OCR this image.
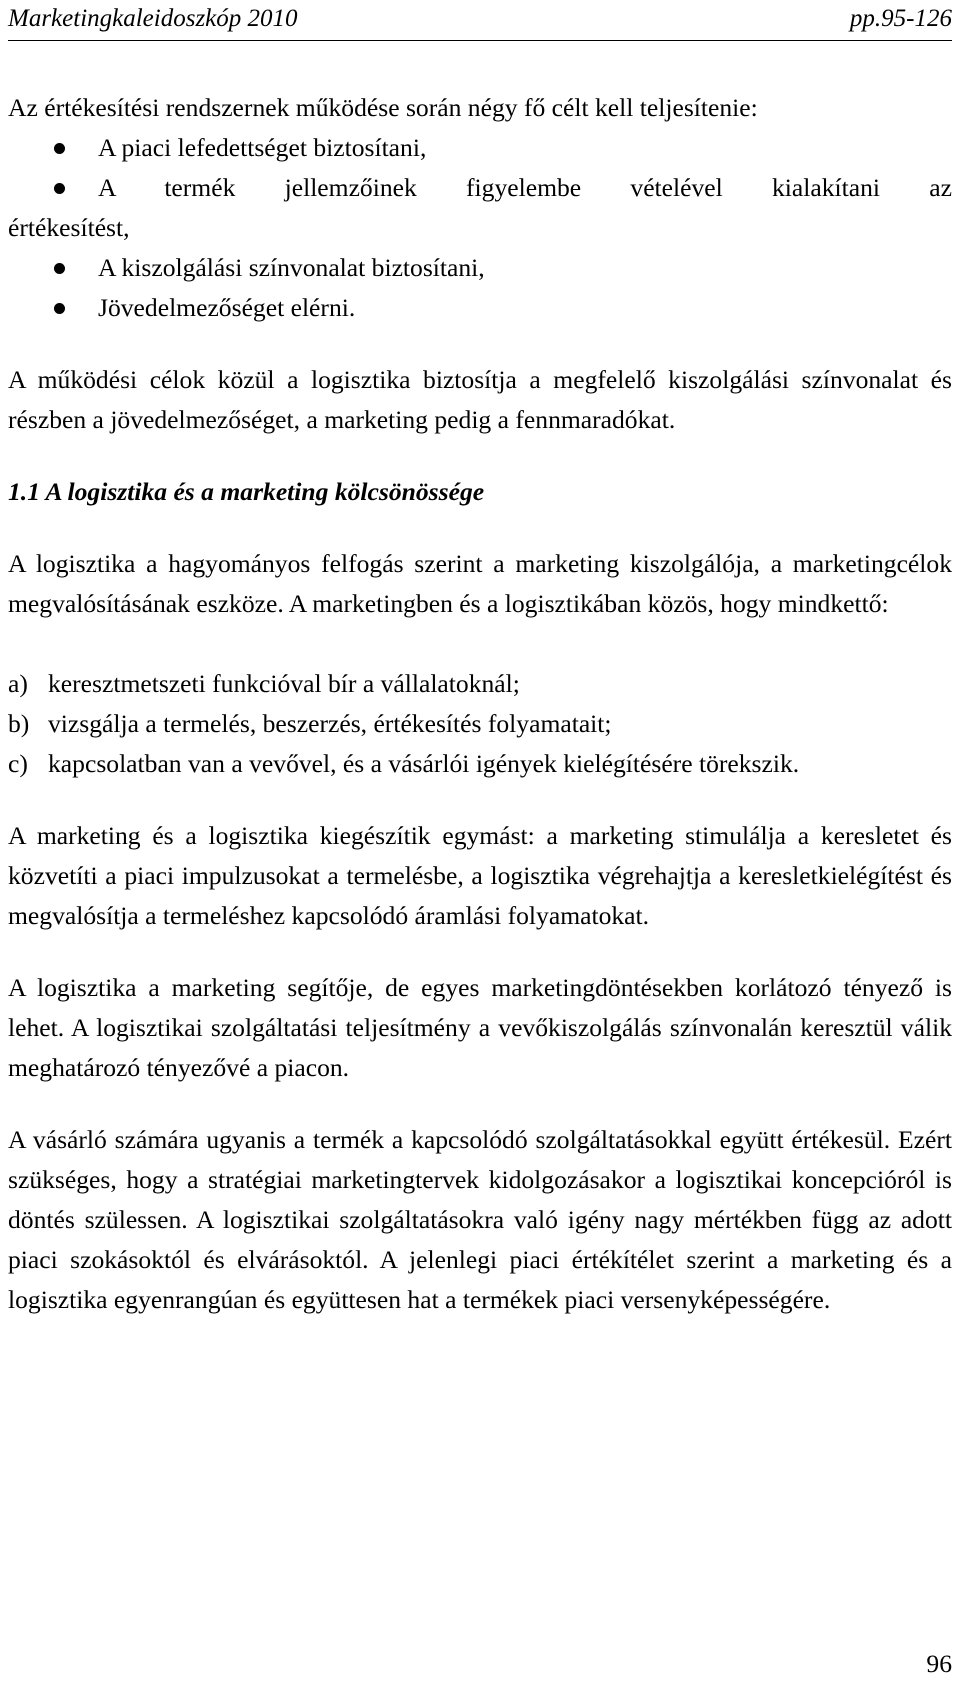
Marketingkaleidoszkóp 2010	pp.95-126

Az értékesítési rendszernek működése során négy fő célt kell teljesítenie:

A piaci lefedettséget biztosítani,
A termék jellemzőinek figyelembe vételével kialakítani az
értékesítést,
A kiszolgálási színvonalat biztosítani,
Jövedelmezőséget elérni.

A működési célok közül a logisztika biztosítja a megfelelő kiszolgálási színvonalat és részben a jövedelmezőséget, a marketing pedig a fennmaradókat.

1.1 A logisztika és a marketing kölcsönössége

A logisztika a hagyományos felfogás szerint a marketing kiszolgálója, a marketingcélok megvalósításának eszköze. A marketingben és a logisztikában közös, hogy mindkettő:

a) keresztmetszeti funkcióval bír a vállalatoknál;
b) vizsgálja a termelés, beszerzés, értékesítés folyamatait;
c) kapcsolatban van a vevővel, és a vásárlói igények kielégítésére törekszik.

A marketing és a logisztika kiegészítik egymást: a marketing stimulálja a keresletet és közvetíti a piaci impulzusokat a termelésbe, a logisztika végrehajtja a keresletkielégítést és megvalósítja a termeléshez kapcsolódó áramlási folyamatokat.

A logisztika a marketing segítője, de egyes marketingdöntésekben korlátozó tényező is lehet. A logisztikai szolgáltatási teljesítmény a vevőkiszolgálás színvonalán keresztül válik meghatározó tényezővé a piacon.

A vásárló számára ugyanis a termék a kapcsolódó szolgáltatásokkal együtt értékesül. Ezért szükséges, hogy a stratégiai marketingtervek kidolgozásakor a logisztikai koncepcióról is döntés szülessen. A logisztikai szolgáltatásokra való igény nagy mértékben függ az adott piaci szokásoktól és elvárásoktól. A jelenlegi piaci értékítélet szerint a marketing és a logisztika egyenrangúan és együttesen hat a termékek piaci versenyképességére.

96
